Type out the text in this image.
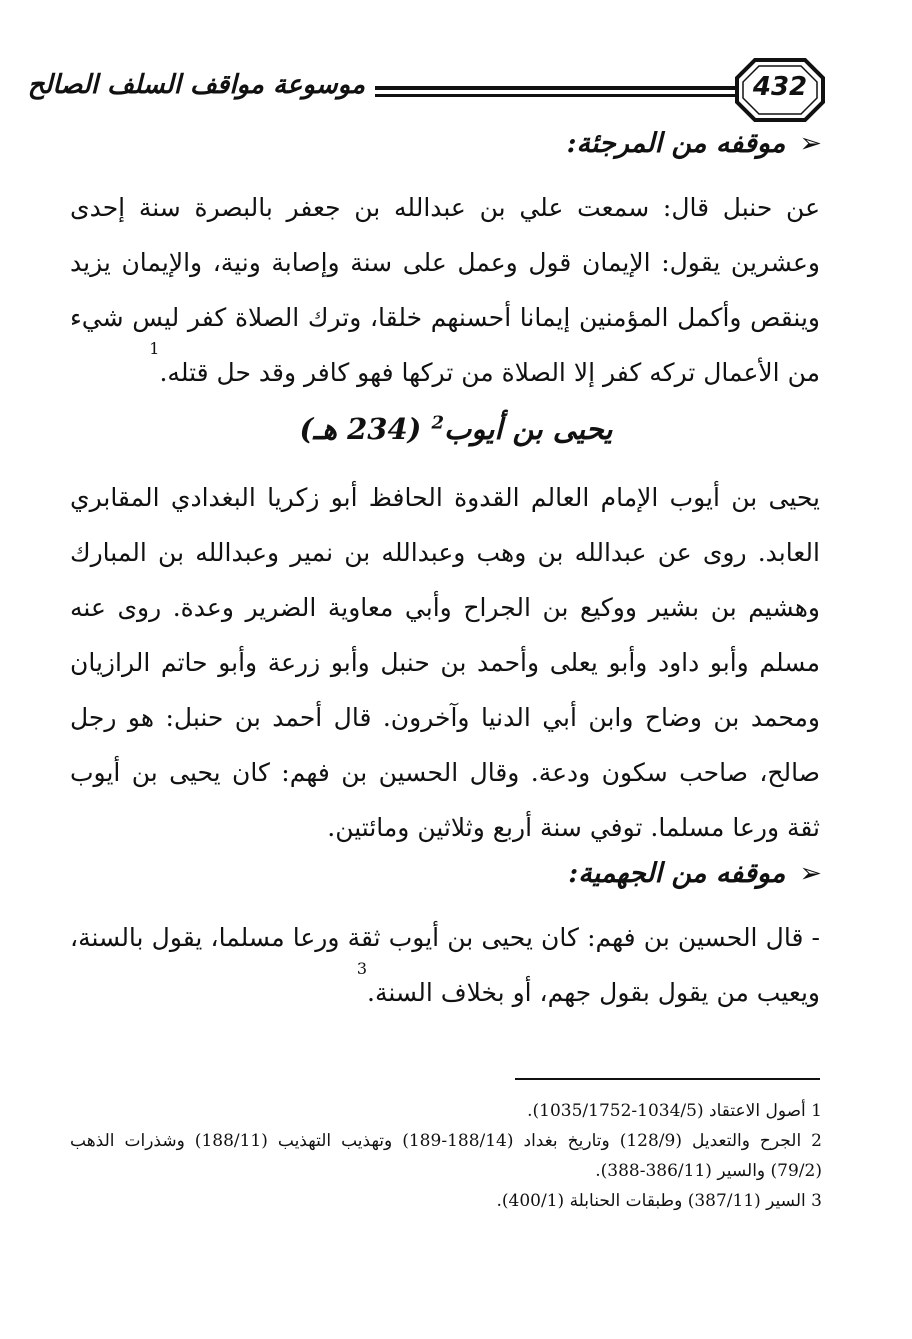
موسوعة مواقف السلف الصالح	432
➢موقفه من المرجئة:
عن حنبل قال: سمعت علي بن عبدالله بن جعفر بالبصرة سنة إحدى وعشرين يقول: الإيمان قول وعمل على سنة وإصابة ونية، والإيمان يزيد وينقص وأكمل المؤمنين إيمانا أحسنهم خلقا، وترك الصلاة كفر ليس شيء من الأعمال تركه كفر إلا الصلاة من تركها فهو كافر وقد حل قتله.$^1$
يحيى بن أيوب$^2$ (234 هـ)
يحيى بن أيوب الإمام العالم القدوة الحافظ أبو زكريا البغدادي المقابري العابد. روى عن عبدالله بن وهب وعبدالله بن نمير وعبدالله بن المبارك وهشيم بن بشير ووكيع بن الجراح وأبي معاوية الضرير وعدة. روى عنه مسلم وأبو داود وأبو يعلى وأحمد بن حنبل وأبو زرعة وأبو حاتم الرازيان ومحمد بن وضاح وابن أبي الدنيا وآخرون. قال أحمد بن حنبل: هو رجل صالح، صاحب سكون ودعة. وقال الحسين بن فهم: كان يحيى بن أيوب ثقة ورعا مسلما. توفي سنة أربع وثلاثين ومائتين.
➢موقفه من الجهمية:
- قال الحسين بن فهم: كان يحيى بن أيوب ثقة ورعا مسلما، يقول بالسنة، ويعيب من يقول بقول جهم، أو بخلاف السنة.$^3$

1 أصول الاعتقاد (1034/5-1035/1752).

2 الجرح والتعديل (128/9) وتاريخ بغداد (188/14-189) وتهذيب التهذيب (188/11) وشذرات الذهب (79/2) والسير (386/11-388).

3 السير (387/11) وطبقات الحنابلة (400/1).
